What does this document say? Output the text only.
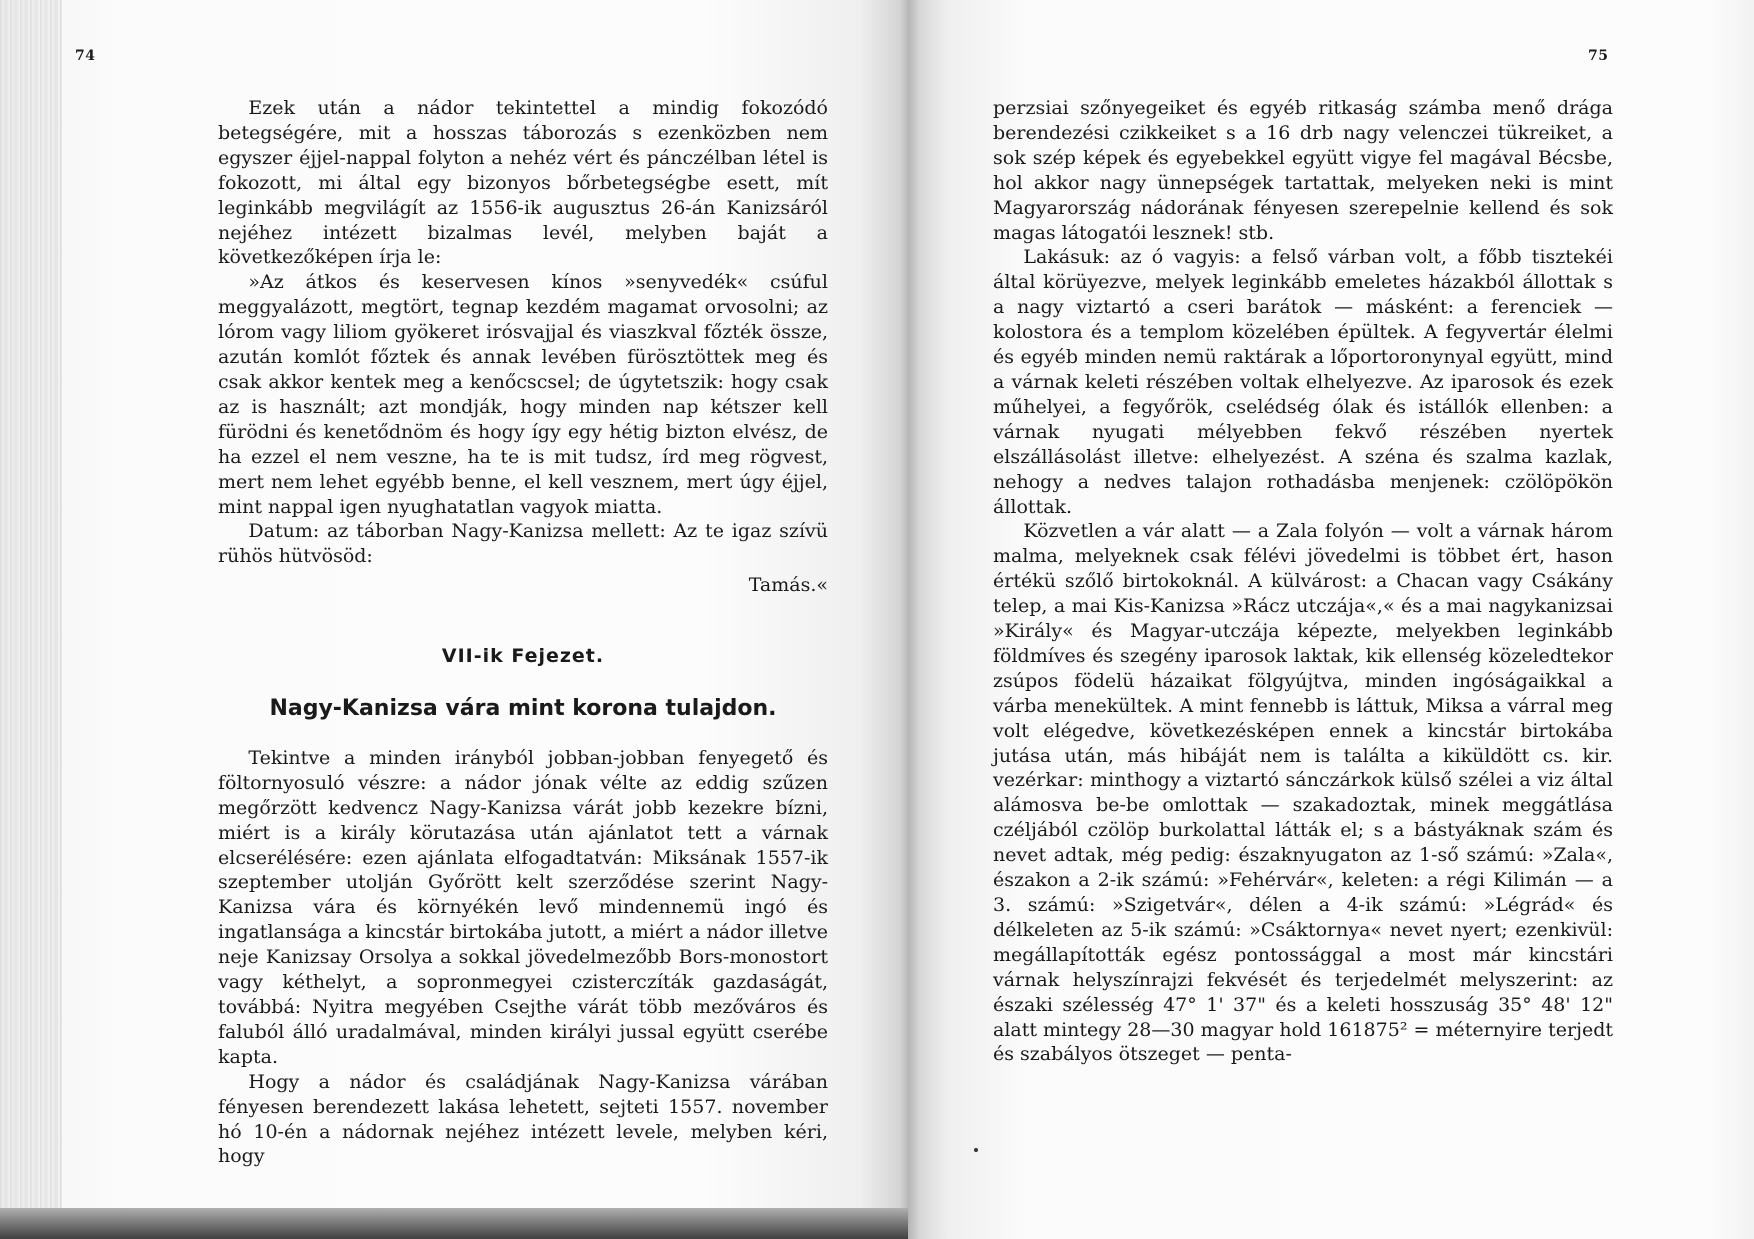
74

Ezek után a nádor tekintettel a mindig fokozódó betegségére, mit a hosszas táborozás s ezenközben nem egyszer éjjel-nappal folyton a nehéz vért és pánczélban létel is fokozott, mi által egy bizonyos bőrbetegségbe esett, mít leginkább megvilágít az 1556-ik augusztus 26-án Kanizsáról nejéhez intézett bizalmas levél, melyben baját a következőképen írja le:

»Az átkos és keservesen kínos »senyvedék« csúful meggyalázott, megtört, tegnap kezdém magamat orvosolni; az lórom vagy liliom gyökeret irósvajjal és viaszkval főzték össze, azután komlót főztek és annak levében fürösztöttek meg és csak akkor kentek meg a kenőcscsel; de úgytetszik: hogy csak az is használt; azt mondják, hogy minden nap kétszer kell fürödni és kenetődnöm és hogy így egy hétig bizton elvész, de ha ezzel el nem veszne, ha te is mit tudsz, írd meg rögvest, mert nem lehet egyébb benne, el kell vesznem, mert úgy éjjel, mint nappal igen nyughatatlan vagyok miatta.

Datum: az táborban Nagy-Kanizsa mellett: Az te igaz szívü rühös hütvösöd:

Tamás.«

VII-ik Fejezet.
Nagy-Kanizsa vára mint korona tulajdon.

Tekintve a minden irányból jobban-jobban fenyegető és föltornyosuló vészre: a nádor jónak vélte az eddig szűzen megőrzött kedvencz Nagy-Kanizsa várát jobb kezekre bízni, miért is a király körutazása után ajánlatot tett a várnak elcserélésére: ezen ajánlata elfogadtatván: Miksának 1557-ik szeptember utolján Győrött kelt szerződése szerint Nagy-Kanizsa vára és környékén levő mindennemü ingó és ingatlansága a kincstár birtokába jutott, a miért a nádor illetve neje Kanizsay Orsolya a sokkal jövedelmezőbb Bors-monostort vagy kéthelyt, a sopronmegyei czisterczíták gazdaságát, továbbá: Nyitra megyében Csejthe várát több mezőváros és faluból álló uradalmával, minden királyi jussal együtt cserébe kapta.

Hogy a nádor és családjának Nagy-Kanizsa várában fényesen berendezett lakása lehetett, sejteti 1557. november hó 10-én a nádornak nejéhez intézett levele, melyben kéri, hogy

75

perzsiai szőnyegeiket és egyéb ritkaság számba menő drága berendezési czikkeiket s a 16 drb nagy velenczei tükreiket, a sok szép képek és egyebekkel együtt vigye fel magával Bécsbe, hol akkor nagy ünnepségek tartattak, melyeken neki is mint Magyarország nádorának fényesen szerepelnie kellend és sok magas látogatói lesznek! stb.

Lakásuk: az ó vagyis: a felső várban volt, a főbb tisztekéi által körüyezve, melyek leginkább emeletes házakból állottak s a nagy viztartó a cseri barátok — másként: a ferenciek — kolostora és a templom közelében épültek. A fegyvertár élelmi és egyéb minden nemü raktárak a lőportoronynyal együtt, mind a várnak keleti részében voltak elhelyezve. Az iparosok és ezek műhelyei, a fegyőrök, cselédség ólak és istállók ellenben: a várnak nyugati mélyebben fekvő részében nyertek elszállásolást illetve: elhelyezést. A széna és szalma kazlak, nehogy a nedves talajon rothadásba menjenek: czölöpökön állottak.

Közvetlen a vár alatt — a Zala folyón — volt a várnak három malma, melyeknek csak félévi jövedelmi is többet ért, hason értékü szőlő birtokoknál. A külvárost: a Chacan vagy Csákány telep, a mai Kis-Kanizsa »Rácz utczája«,« és a mai nagykanizsai »Király« és Magyar-utczája képezte, melyekben leginkább földmíves és szegény iparosok laktak, kik ellenség közeledtekor zsúpos födelü házaikat fölgyújtva, minden ingóságaikkal a várba menekültek. A mint fennebb is láttuk, Miksa a várral meg volt elégedve, következésképen ennek a kincstár birtokába jutása után, más hibáját nem is találta a kiküldött cs. kir. vezérkar: minthogy a viztartó sánczárkok külső szélei a viz által alámosva be-be omlottak — szakadoztak, minek meggátlása czéljából czölöp burkolattal látták el; s a bástyáknak szám és nevet adtak, még pedig: északnyugaton az 1-ső számú: »Zala«, északon a 2-ik számú: »Fehérvár«, keleten: a régi Kilimán — a 3. számú: »Szigetvár«, délen a 4-ik számú: »Légrád« és délkeleten az 5-ik számú: »Csáktornya« nevet nyert; ezenkivül: megállapították egész pontossággal a most már kincstári várnak helyszínrajzi fekvését és terjedelmét melyszerint: az északi szélesség 47° 1' 37" és a keleti hosszuság 35° 48' 12" alatt mintegy 28—30 magyar hold 161875² = méternyire terjedt és szabályos ötszeget — penta-
